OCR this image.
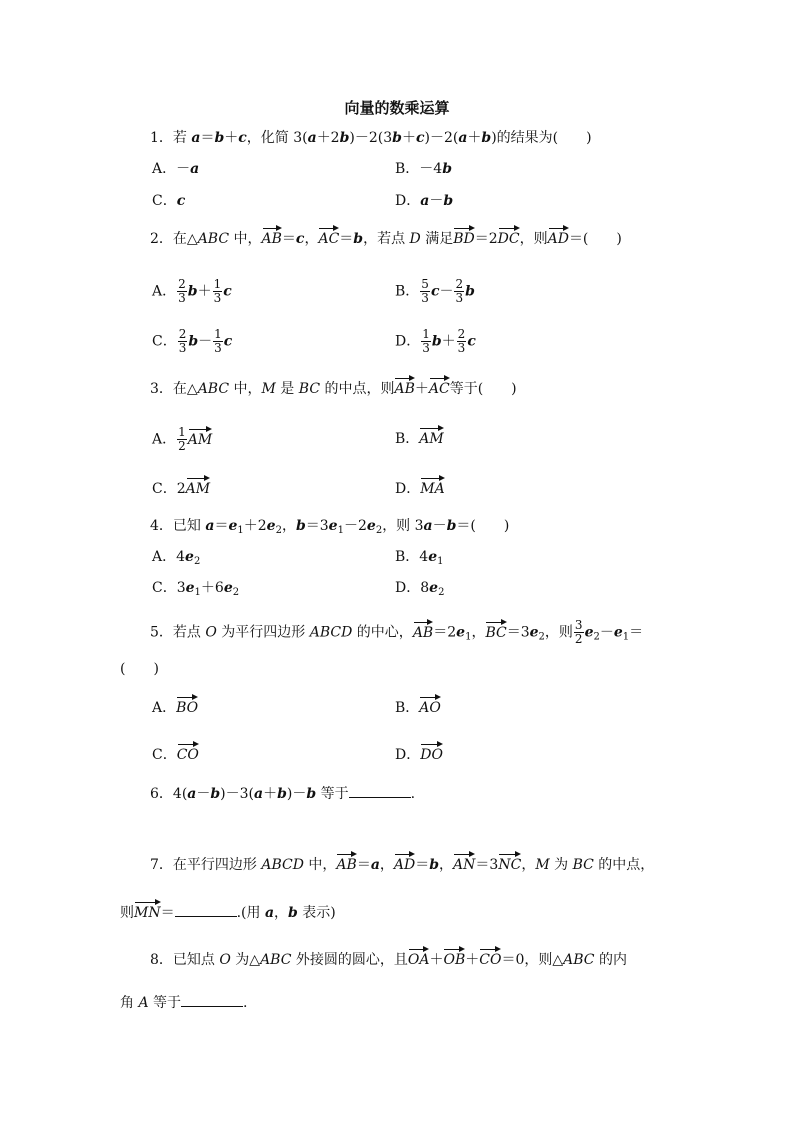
向量的数乘运算
1．若 a＝b＋c，化简 3(a＋2b)－2(3b＋c)－2(a＋b)的结果为(　　)
A．－a	B．－4b
C．c	D．a－b
2．在△ABC 中，AB＝c，AC＝b，若点 D 满足BD＝2DC，则AD＝(　　)
A． $\frac{2}{3} b+ \frac{1}{3}$ c	B． $\frac{5}{3} c- \frac{2}{3}$ b
C． $\frac{2}{3} b- \frac{1}{3}$ c	D． $\frac{1}{3} b+ \frac{2}{3}$ c
3．在△ABC 中，M 是 BC 的中点，则AB＋AC等于(　　)
A． $\frac{1}{2}$ AM	B．AM
C．2AM	D．MA
4．已知 $a=e_1+2e_2$，$b=3e_1-2e_2$，则 3a－b＝(　　)
A．$4e_2$	B．$4e_1$
C．$3e_1+6e_2$	D．$8e_2$
5．若点 O 为平行四边形 ABCD 的中心，$AB=2e_1$，$BC=3e_2$，则 $\frac{3}{2} e_2-e_1=$
(　　)
A．BO	B．AO
C．CO	D．DO
6．4(a－b)－3(a＋b)－b 等于	.
7．在平行四边形 ABCD 中，AB＝a，AD＝b，AN＝3NC，M 为 BC 的中点，
则MN＝	.(用 a，b 表示)
8．已知点 O 为△ABC 外接圆的圆心，且OA＋OB＋CO＝0，则△ABC 的内
角 A 等于	.
